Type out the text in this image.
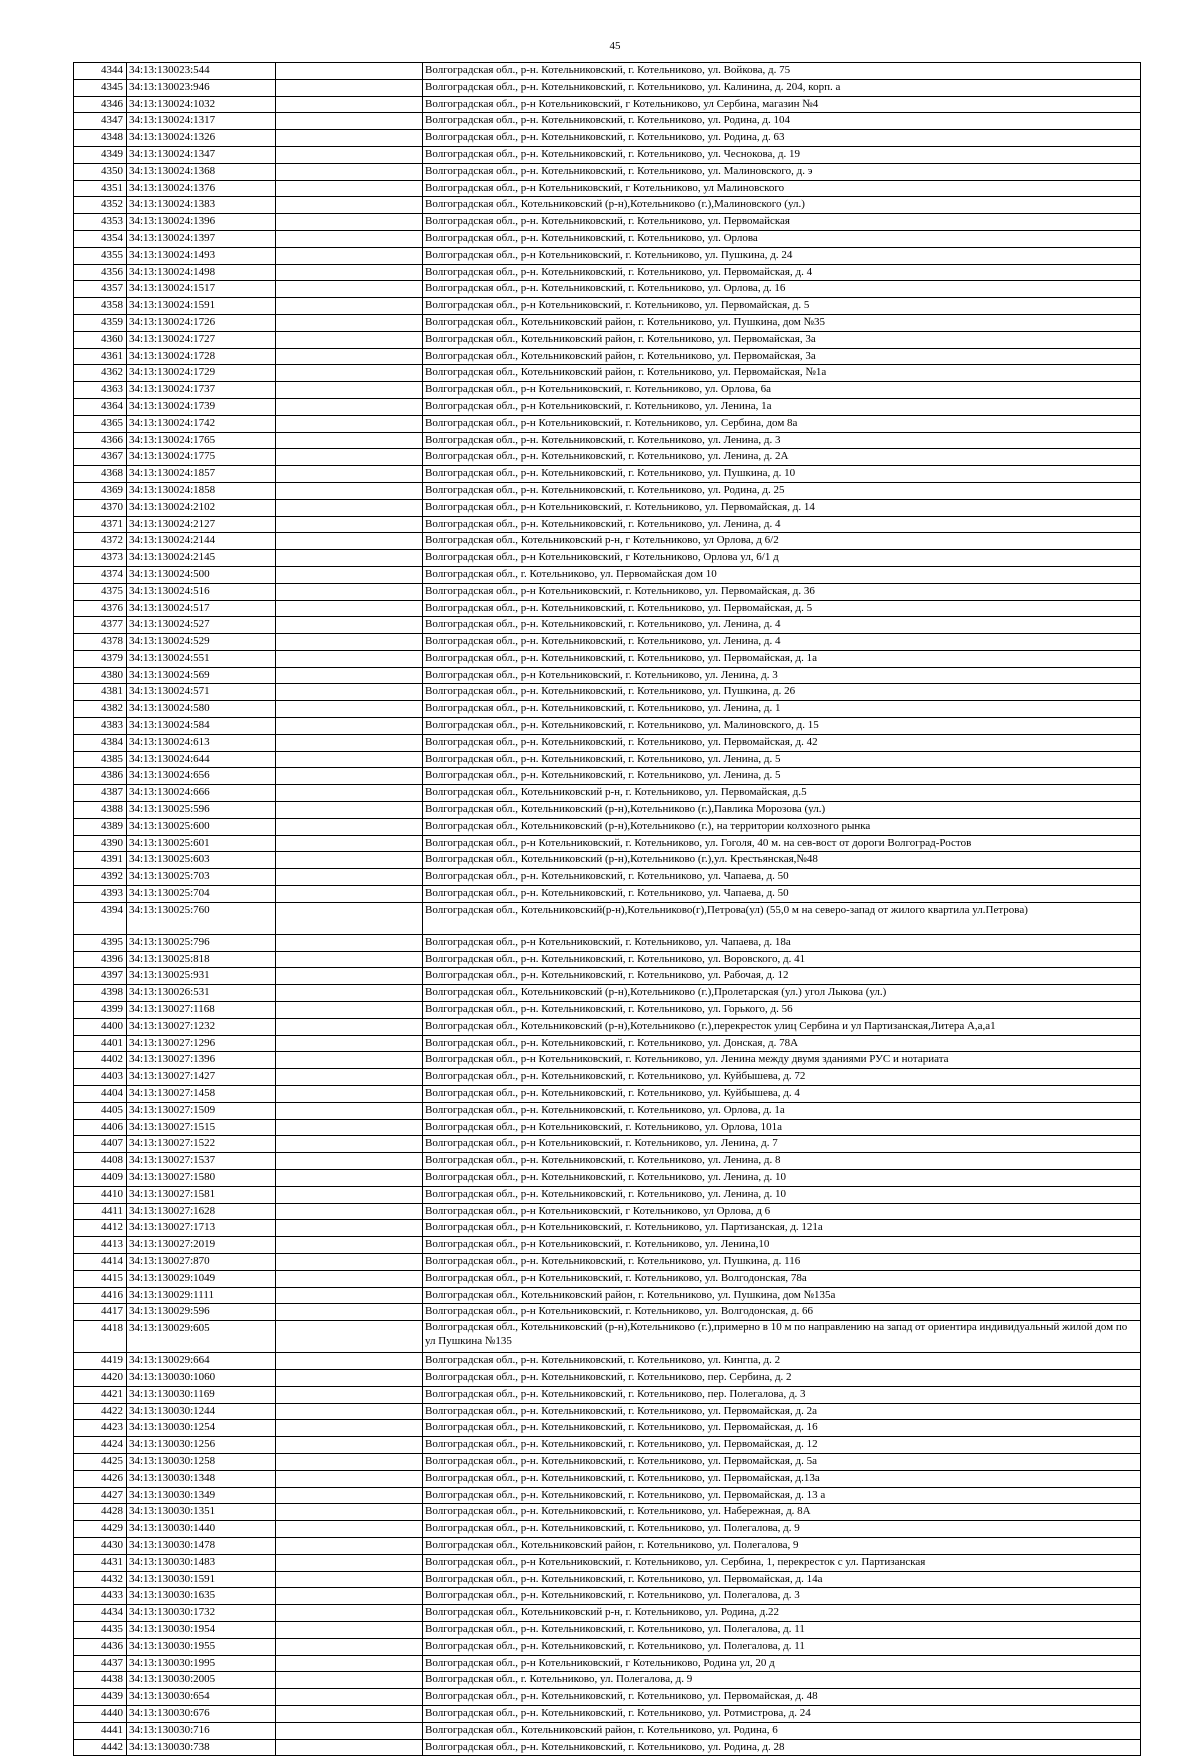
45
4344 34:13:130023:544	Волгоградская обл., р-н. Котельниковский, г. Котельниково, ул. Войкова, д. 75
4345 34:13:130023:946	Волгоградская обл., р-н. Котельниковский, г. Котельниково, ул. Калинина, д. 204, корп. а
4346 34:13:130024:1032	Волгоградская обл., р-н Котельниковский, г Котельниково, ул Сербина, магазин №4
4347 34:13:130024:1317	Волгоградская обл., р-н. Котельниковский, г. Котельниково, ул. Родина, д. 104
4348 34:13:130024:1326	Волгоградская обл., р-н. Котельниковский, г. Котельниково, ул. Родина, д. 63
4349 34:13:130024:1347	Волгоградская обл., р-н. Котельниковский, г. Котельниково, ул. Чеснокова, д. 19
4350 34:13:130024:1368	Волгоградская обл., р-н. Котельниковский, г. Котельниково, ул. Малиновского, д. э
4351 34:13:130024:1376	Волгоградская обл., р-н Котельниковский, г Котельниково, ул Малиновского
4352 34:13:130024:1383	Волгоградская обл., Котельниковский (р-н),Котельниково (г.),Малиновского (ул.)
4353 34:13:130024:1396	Волгоградская обл., р-н. Котельниковский, г. Котельниково, ул. Первомайская
4354 34:13:130024:1397	Волгоградская обл., р-н. Котельниковский, г. Котельниково, ул. Орлова
4355 34:13:130024:1493	Волгоградская обл., р-н Котельниковский, г. Котельниково, ул. Пушкина, д. 24
4356 34:13:130024:1498	Волгоградская обл., р-н. Котельниковский, г. Котельниково, ул. Первомайская, д. 4
4357 34:13:130024:1517	Волгоградская обл., р-н. Котельниковский, г. Котельниково, ул. Орлова, д. 16
4358 34:13:130024:1591	Волгоградская обл., р-н Котельниковский, г. Котельниково, ул. Первомайская, д. 5
4359 34:13:130024:1726	Волгоградская обл., Котельниковский район, г. Котельниково, ул. Пушкина, дом №35
4360 34:13:130024:1727	Волгоградская обл., Котельниковский район, г. Котельниково, ул. Первомайская, 3а
4361 34:13:130024:1728	Волгоградская обл., Котельниковский район, г. Котельниково, ул. Первомайская, 3а
4362 34:13:130024:1729	Волгоградская обл., Котельниковский район, г. Котельниково, ул. Первомайская, №1а
4363 34:13:130024:1737	Волгоградская обл., р-н Котельниковский, г. Котельниково, ул. Орлова, 6а
4364 34:13:130024:1739	Волгоградская обл., р-н Котельниковский, г. Котельниково, ул. Ленина, 1а
4365 34:13:130024:1742	Волгоградская обл., р-н Котельниковский, г. Котельниково, ул. Сербина, дом 8а
4366 34:13:130024:1765	Волгоградская обл., р-н. Котельниковский, г. Котельниково, ул. Ленина, д. 3
4367 34:13:130024:1775	Волгоградская обл., р-н. Котельниковский, г. Котельниково, ул. Ленина, д. 2А
4368 34:13:130024:1857	Волгоградская обл., р-н. Котельниковский, г. Котельниково, ул. Пушкина, д. 10
4369 34:13:130024:1858	Волгоградская обл., р-н. Котельниковский, г. Котельниково, ул. Родина, д. 25
4370 34:13:130024:2102	Волгоградская обл., р-н Котельниковский, г. Котельниково, ул. Первомайская, д. 14
4371 34:13:130024:2127	Волгоградская обл., р-н. Котельниковский, г. Котельниково, ул. Ленина, д. 4
4372 34:13:130024:2144	Волгоградская обл., Котельниковский р-н, г Котельниково, ул Орлова, д 6/2
4373 34:13:130024:2145	Волгоградская обл., р-н Котельниковский, г Котельниково, Орлова ул, 6/1 д
4374 34:13:130024:500	Волгоградская обл., г. Котельниково, ул. Первомайская дом 10
4375 34:13:130024:516	Волгоградская обл., р-н Котельниковский, г. Котельниково, ул. Первомайская, д. 36
4376 34:13:130024:517	Волгоградская обл., р-н. Котельниковский, г. Котельниково, ул. Первомайская, д. 5
4377 34:13:130024:527	Волгоградская обл., р-н. Котельниковский, г. Котельниково, ул. Ленина, д. 4
4378 34:13:130024:529	Волгоградская обл., р-н. Котельниковский, г. Котельниково, ул. Ленина, д. 4
4379 34:13:130024:551	Волгоградская обл., р-н. Котельниковский, г. Котельниково, ул. Первомайская, д. 1а
4380 34:13:130024:569	Волгоградская обл., р-н Котельниковский, г. Котельниково, ул. Ленина, д. 3
4381 34:13:130024:571	Волгоградская обл., р-н. Котельниковский, г. Котельниково, ул. Пушкина, д. 26
4382 34:13:130024:580	Волгоградская обл., р-н. Котельниковский, г. Котельниково, ул. Ленина, д. 1
4383 34:13:130024:584	Волгоградская обл., р-н. Котельниковский, г. Котельниково, ул. Малиновского, д. 15
4384 34:13:130024:613	Волгоградская обл., р-н. Котельниковский, г. Котельниково, ул. Первомайская, д. 42
4385 34:13:130024:644	Волгоградская обл., р-н. Котельниковский, г. Котельниково, ул. Ленина, д. 5
4386 34:13:130024:656	Волгоградская обл., р-н. Котельниковский, г. Котельниково, ул. Ленина, д. 5
4387 34:13:130024:666	Волгоградская обл., Котельниковский р-н, г. Котельниково, ул. Первомайская, д.5
4388 34:13:130025:596	Волгоградская обл., Котельниковский (р-н),Котельниково (г.),Павлика Морозова (ул.)
4389 34:13:130025:600	Волгоградская обл., Котельниковский (р-н),Котельниково (г.), на территории колхозного рынка
4390 34:13:130025:601	Волгоградская обл., р-н Котельниковский, г. Котельниково, ул. Гоголя, 40 м. на сев-вост от дороги Волгоград-Ростов
4391 34:13:130025:603	Волгоградская обл., Котельниковский (р-н),Котельниково (г.),ул. Крестьянская,№48
4392 34:13:130025:703	Волгоградская обл., р-н. Котельниковский, г. Котельниково, ул. Чапаева, д. 50
4393 34:13:130025:704	Волгоградская обл., р-н. Котельниковский, г. Котельниково, ул. Чапаева, д. 50
4394 34:13:130025:760	Волгоградская обл., Котельниковский(р-н),Котельниково(г),Петрова(ул) (55,0 м на северо-запад от жилого квартила ул.Петрова)
4395 34:13:130025:796	Волгоградская обл., р-н Котельниковский, г. Котельниково, ул. Чапаева, д. 18а
4396 34:13:130025:818	Волгоградская обл., р-н. Котельниковский, г. Котельниково, ул. Воровского, д. 41
4397 34:13:130025:931	Волгоградская обл., р-н. Котельниковский, г. Котельниково, ул. Рабочая, д. 12
4398 34:13:130026:531	Волгоградская обл., Котельниковский (р-н),Котельниково (г.),Пролетарская (ул.) угол Лыкова (ул.)
4399 34:13:130027:1168	Волгоградская обл., р-н. Котельниковский, г. Котельниково, ул. Горького, д. 56
4400 34:13:130027:1232	Волгоградская обл., Котельниковский (р-н),Котельниково (г.),перекресток улиц Сербина и ул Партизанская,Литера А,а,а1
4401 34:13:130027:1296	Волгоградская обл., р-н. Котельниковский, г. Котельниково, ул. Донская, д. 78А
4402 34:13:130027:1396	Волгоградская обл., р-н Котельниковский, г. Котельниково, ул. Ленина между двумя зданиями РУС и нотариата
4403 34:13:130027:1427	Волгоградская обл., р-н. Котельниковский, г. Котельниково, ул. Куйбышева, д. 72
4404 34:13:130027:1458	Волгоградская обл., р-н. Котельниковский, г. Котельниково, ул. Куйбышева, д. 4
4405 34:13:130027:1509	Волгоградская обл., р-н. Котельниковский, г. Котельниково, ул. Орлова, д. 1а
4406 34:13:130027:1515	Волгоградская обл., р-н Котельниковский, г. Котельниково, ул. Орлова, 101а
4407 34:13:130027:1522	Волгоградская обл., р-н Котельниковский, г. Котельниково, ул. Ленина, д. 7
4408 34:13:130027:1537	Волгоградская обл., р-н. Котельниковский, г. Котельниково, ул. Ленина, д. 8
4409 34:13:130027:1580	Волгоградская обл., р-н. Котельниковский, г. Котельниково, ул. Ленина, д. 10
4410 34:13:130027:1581	Волгоградская обл., р-н. Котельниковский, г. Котельниково, ул. Ленина, д. 10
4411 34:13:130027:1628	Волгоградская обл., р-н Котельниковский, г Котельниково, ул Орлова, д 6
4412 34:13:130027:1713	Волгоградская обл., р-н Котельниковский, г. Котельниково, ул. Партизанская, д. 121а
4413 34:13:130027:2019	Волгоградская обл., р-н Котельниковский, г. Котельниково, ул. Ленина,10
4414 34:13:130027:870	Волгоградская обл., р-н. Котельниковский, г. Котельниково, ул. Пушкина, д. 116
4415 34:13:130029:1049	Волгоградская обл., р-н Котельниковский, г. Котельниково, ул. Волгодонская, 78а
4416 34:13:130029:1111	Волгоградская обл., Котельниковский район, г. Котельниково, ул. Пушкина, дом №135а
4417 34:13:130029:596	Волгоградская обл., р-н Котельниковский, г. Котельниково, ул. Волгодонская, д. 66
4418 34:13:130029:605	Волгоградская обл., Котельниковский (р-н),Котельниково (г.),примерно в 10 м по направлению на запад от ориентира индивидуальный жилой дом по ул Пушкина №135
4419 34:13:130029:664	Волгоградская обл., р-н. Котельниковский, г. Котельниково, ул. Кингпа, д. 2
4420 34:13:130030:1060	Волгоградская обл., р-н. Котельниковский, г. Котельниково, пер. Сербина, д. 2
4421 34:13:130030:1169	Волгоградская обл., р-н. Котельниковский, г. Котельниково, пер. Полегалова, д. 3
4422 34:13:130030:1244	Волгоградская обл., р-н. Котельниковский, г. Котельниково, ул. Первомайская, д. 2а
4423 34:13:130030:1254	Волгоградская обл., р-н. Котельниковский, г. Котельниково, ул. Первомайская, д. 16
4424 34:13:130030:1256	Волгоградская обл., р-н. Котельниковский, г. Котельниково, ул. Первомайская, д. 12
4425 34:13:130030:1258	Волгоградская обл., р-н. Котельниковский, г. Котельниково, ул. Первомайская, д. 5а
4426 34:13:130030:1348	Волгоградская обл., р-н. Котельниковский, г. Котельниково, ул. Первомайская, д.13а
4427 34:13:130030:1349	Волгоградская обл., р-н. Котельниковский, г. Котельниково, ул. Первомайская, д. 13 а
4428 34:13:130030:1351	Волгоградская обл., р-н. Котельниковский, г. Котельниково, ул. Набережная, д. 8А
4429 34:13:130030:1440	Волгоградская обл., р-н. Котельниковский, г. Котельниково, ул. Полегалова, д. 9
4430 34:13:130030:1478	Волгоградская обл., Котельниковский район, г. Котельниково, ул. Полегалова, 9
4431 34:13:130030:1483	Волгоградская обл., р-н Котельниковский, г. Котельниково, ул. Сербина, 1, перекресток с ул. Партизанская
4432 34:13:130030:1591	Волгоградская обл., р-н. Котельниковский, г. Котельниково, ул. Первомайская, д. 14а
4433 34:13:130030:1635	Волгоградская обл., р-н. Котельниковский, г. Котельниково, ул. Полегалова, д. 3
4434 34:13:130030:1732	Волгоградская обл., Котельниковский р-н, г. Котельниково, ул. Родина, д.22
4435 34:13:130030:1954	Волгоградская обл., р-н. Котельниковский, г. Котельниково, ул. Полегалова, д. 11
4436 34:13:130030:1955	Волгоградская обл., р-н. Котельниковский, г. Котельниково, ул. Полегалова, д. 11
4437 34:13:130030:1995	Волгоградская обл., р-н Котельниковский, г Котельниково, Родина ул, 20 д
4438 34:13:130030:2005	Волгоградская обл., г. Котельниково, ул. Полегалова, д. 9
4439 34:13:130030:654	Волгоградская обл., р-н. Котельниковский, г. Котельниково, ул. Первомайская, д. 48
4440 34:13:130030:676	Волгоградская обл., р-н. Котельниковский, г. Котельниково, ул. Ротмистрова, д. 24
4441 34:13:130030:716	Волгоградская обл., Котельниковский район, г. Котельниково, ул. Родина, 6
4442 34:13:130030:738	Волгоградская обл., р-н. Котельниковский, г. Котельниково, ул. Родина, д. 28
